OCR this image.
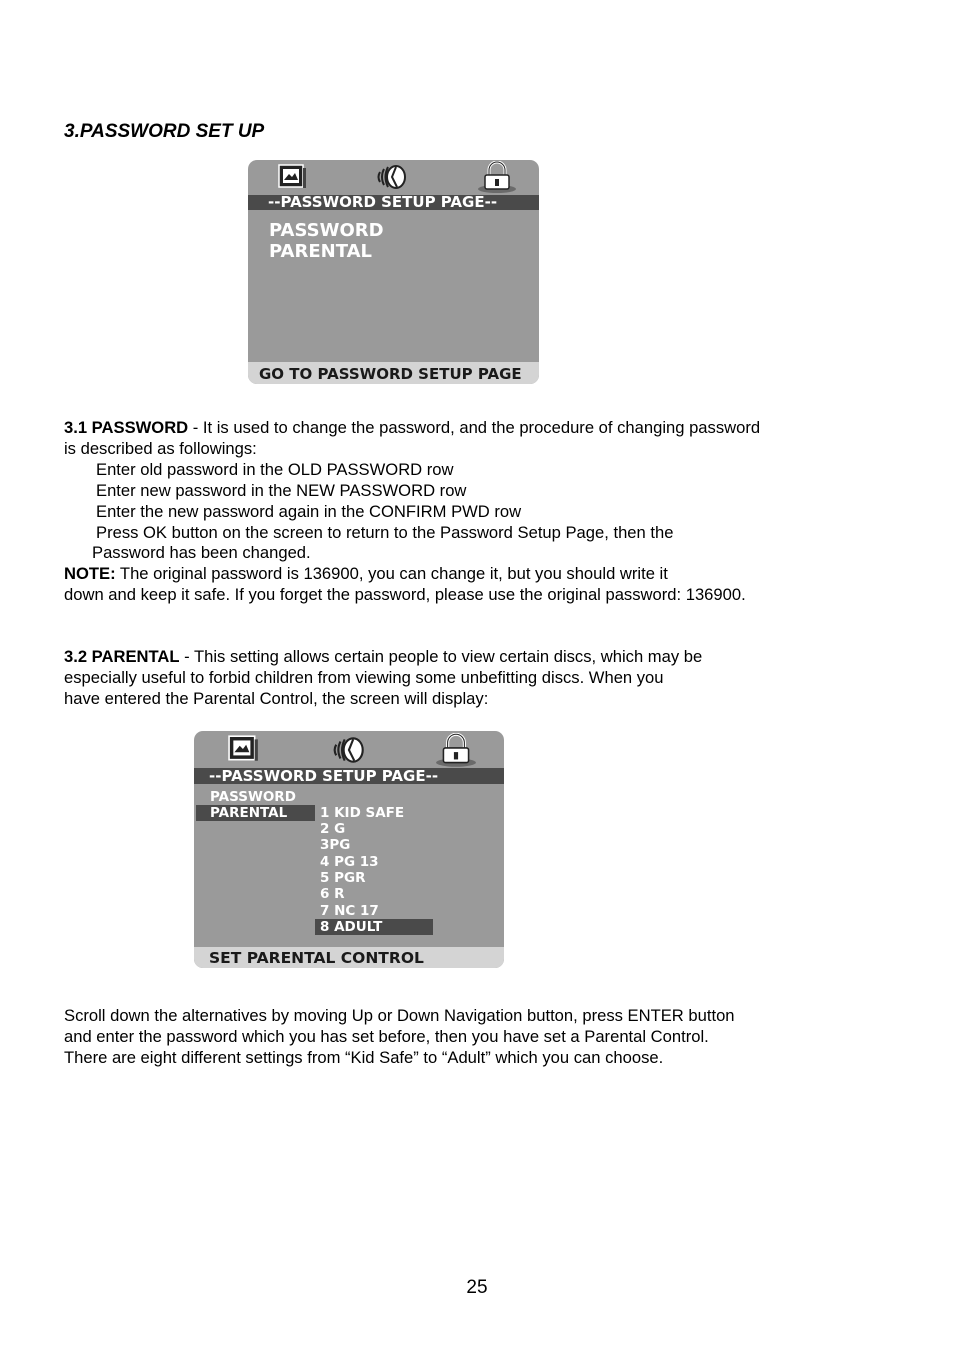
3.PASSWORD SET UP
--PASSWORD SETUP PAGE--
PASSWORD
PARENTAL
GO TO PASSWORD SETUP PAGE
3.1 PASSWORD - It is used to change the password, and the procedure of changing password
is described as followings:
Enter old password in the OLD PASSWORD row
Enter new password in the NEW PASSWORD row
Enter the new password again in the CONFIRM PWD row
Press OK button on the screen to return to the Password Setup Page, then the
Password has been changed.
NOTE: The original password is 136900, you can change it, but you should write it
down and keep it safe. If you forget the password, please use the original password: 136900.
3.2 PARENTAL - This setting allows certain people to view certain discs, which may be
especially useful to forbid children from viewing some unbefitting discs. When you
have entered the Parental Control, the screen will display:
--PASSWORD SETUP PAGE--
PASSWORD
PARENTAL	1 KID SAFE
2 G
3PG
4 PG 13
5 PGR
6 R
7 NC 17
8 ADULT
SET PARENTAL CONTROL
Scroll down the alternatives by moving Up or Down Navigation button, press ENTER button
and enter the password which you has set before, then you have set a Parental Control.
There are eight different settings from “Kid Safe” to “Adult” which you can choose.
25
